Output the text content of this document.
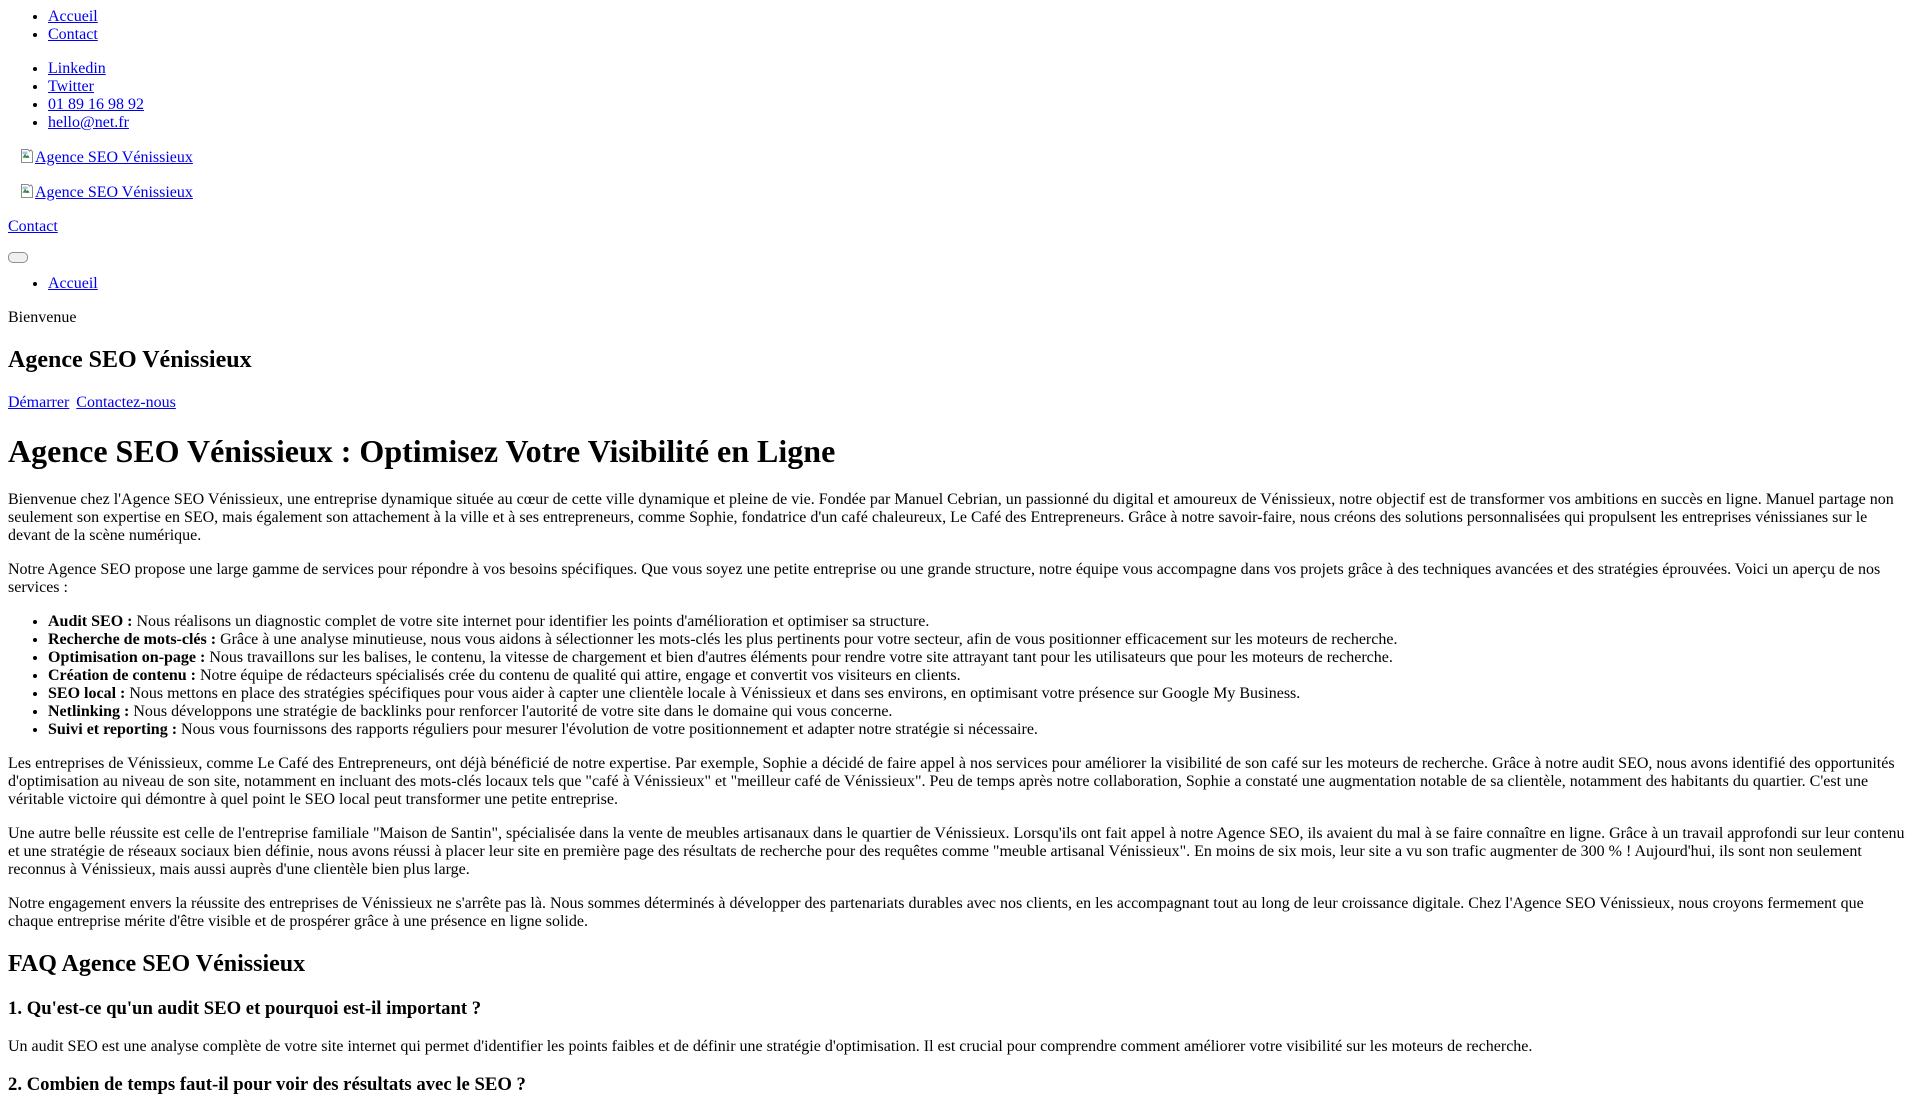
• Accueil
• Contact
• Linkedin
• Twitter
• 01 89 16 98 92
• hello@net.fr

Agence SEO Vénissieux

Agence SEO Vénissieux

Contact

• Accueil

Bienvenue

Agence SEO Vénissieux

Démarrer Contactez-nous

Agence SEO Vénissieux : Optimisez Votre Visibilité en Ligne

Bienvenue chez l'Agence SEO Vénissieux, une entreprise dynamique située au cœur de cette ville dynamique et pleine de vie. Fondée par Manuel Cebrian, un passionné du digital et amoureux de Vénissieux, notre objectif est de transformer vos ambitions en succès en ligne. Manuel partage non seulement son expertise en SEO, mais également son attachement à la ville et à ses entrepreneurs, comme Sophie, fondatrice d'un café chaleureux, Le Café des Entrepreneurs. Grâce à notre savoir-faire, nous créons des solutions personnalisées qui propulsent les entreprises vénissianes sur le devant de la scène numérique.

Notre Agence SEO propose une large gamme de services pour répondre à vos besoins spécifiques. Que vous soyez une petite entreprise ou une grande structure, notre équipe vous accompagne dans vos projets grâce à des techniques avancées et des stratégies éprouvées. Voici un aperçu de nos services :

• Audit SEO : Nous réalisons un diagnostic complet de votre site internet pour identifier les points d'amélioration et optimiser sa structure.
• Recherche de mots-clés : Grâce à une analyse minutieuse, nous vous aidons à sélectionner les mots-clés les plus pertinents pour votre secteur, afin de vous positionner efficacement sur les moteurs de recherche.
• Optimisation on-page : Nous travaillons sur les balises, le contenu, la vitesse de chargement et bien d'autres éléments pour rendre votre site attrayant tant pour les utilisateurs que pour les moteurs de recherche.
• Création de contenu : Notre équipe de rédacteurs spécialisés crée du contenu de qualité qui attire, engage et convertit vos visiteurs en clients.
• SEO local : Nous mettons en place des stratégies spécifiques pour vous aider à capter une clientèle locale à Vénissieux et dans ses environs, en optimisant votre présence sur Google My Business.
• Netlinking : Nous développons une stratégie de backlinks pour renforcer l'autorité de votre site dans le domaine qui vous concerne.
• Suivi et reporting : Nous vous fournissons des rapports réguliers pour mesurer l'évolution de votre positionnement et adapter notre stratégie si nécessaire.

Les entreprises de Vénissieux, comme Le Café des Entrepreneurs, ont déjà bénéficié de notre expertise. Par exemple, Sophie a décidé de faire appel à nos services pour améliorer la visibilité de son café sur les moteurs de recherche. Grâce à notre audit SEO, nous avons identifié des opportunités d'optimisation au niveau de son site, notamment en incluant des mots-clés locaux tels que "café à Vénissieux" et "meilleur café de Vénissieux". Peu de temps après notre collaboration, Sophie a constaté une augmentation notable de sa clientèle, notamment des habitants du quartier. C'est une véritable victoire qui démontre à quel point le SEO local peut transformer une petite entreprise.

Une autre belle réussite est celle de l'entreprise familiale "Maison de Santin", spécialisée dans la vente de meubles artisanaux dans le quartier de Vénissieux. Lorsqu'ils ont fait appel à notre Agence SEO, ils avaient du mal à se faire connaître en ligne. Grâce à un travail approfondi sur leur contenu et une stratégie de réseaux sociaux bien définie, nous avons réussi à placer leur site en première page des résultats de recherche pour des requêtes comme "meuble artisanal Vénissieux". En moins de six mois, leur site a vu son trafic augmenter de 300 % ! Aujourd'hui, ils sont non seulement reconnus à Vénissieux, mais aussi auprès d'une clientèle bien plus large.

Notre engagement envers la réussite des entreprises de Vénissieux ne s'arrête pas là. Nous sommes déterminés à développer des partenariats durables avec nos clients, en les accompagnant tout au long de leur croissance digitale. Chez l'Agence SEO Vénissieux, nous croyons fermement que chaque entreprise mérite d'être visible et de prospérer grâce à une présence en ligne solide.

FAQ Agence SEO Vénissieux
1. Qu'est-ce qu'un audit SEO et pourquoi est-il important ?

Un audit SEO est une analyse complète de votre site internet qui permet d'identifier les points faibles et de définir une stratégie d'optimisation. Il est crucial pour comprendre comment améliorer votre visibilité sur les moteurs de recherche.

2. Combien de temps faut-il pour voir des résultats avec le SEO ?
